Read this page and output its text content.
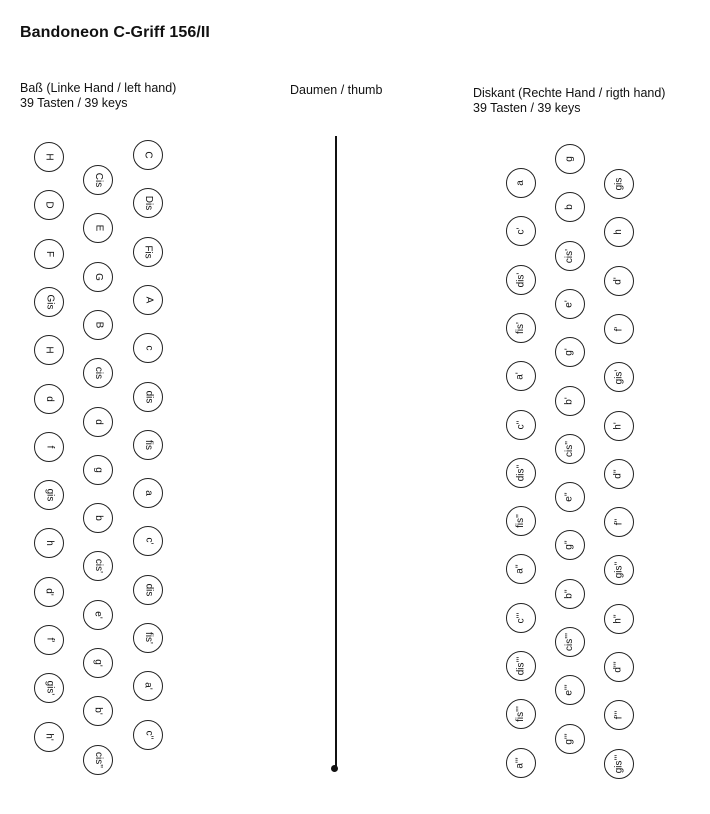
Bandoneon C-Griff 156/II
Baß (Linke Hand / left hand)
39 Tasten / 39 keys
Daumen / thumb	Diskant (Rechte Hand / rigth hand)
39 Tasten / 39 keys
H
D
F
Gis
H
d
f
gis
h
d'
f'
gis'
h'
Cis
E
G
B
cis
d
g
b
cis'
e'
g'
b'
cis''
C
Dis
Fis
A
c
dis
fis
a
c'
dis
fis'
a'
c''
a
c'
dis'
fis'
a'
c''
dis''
fis''
a''
c'''
dis'''
fis'''
a'''
g
b
cis'
e'
g'
b'
cis''
e''
g''
b''
cis'''
e'''
g'''
gis
h
d'
f'
gis'
h'
d''
f''
gis''
h''
d'''
f'''
gis'''
